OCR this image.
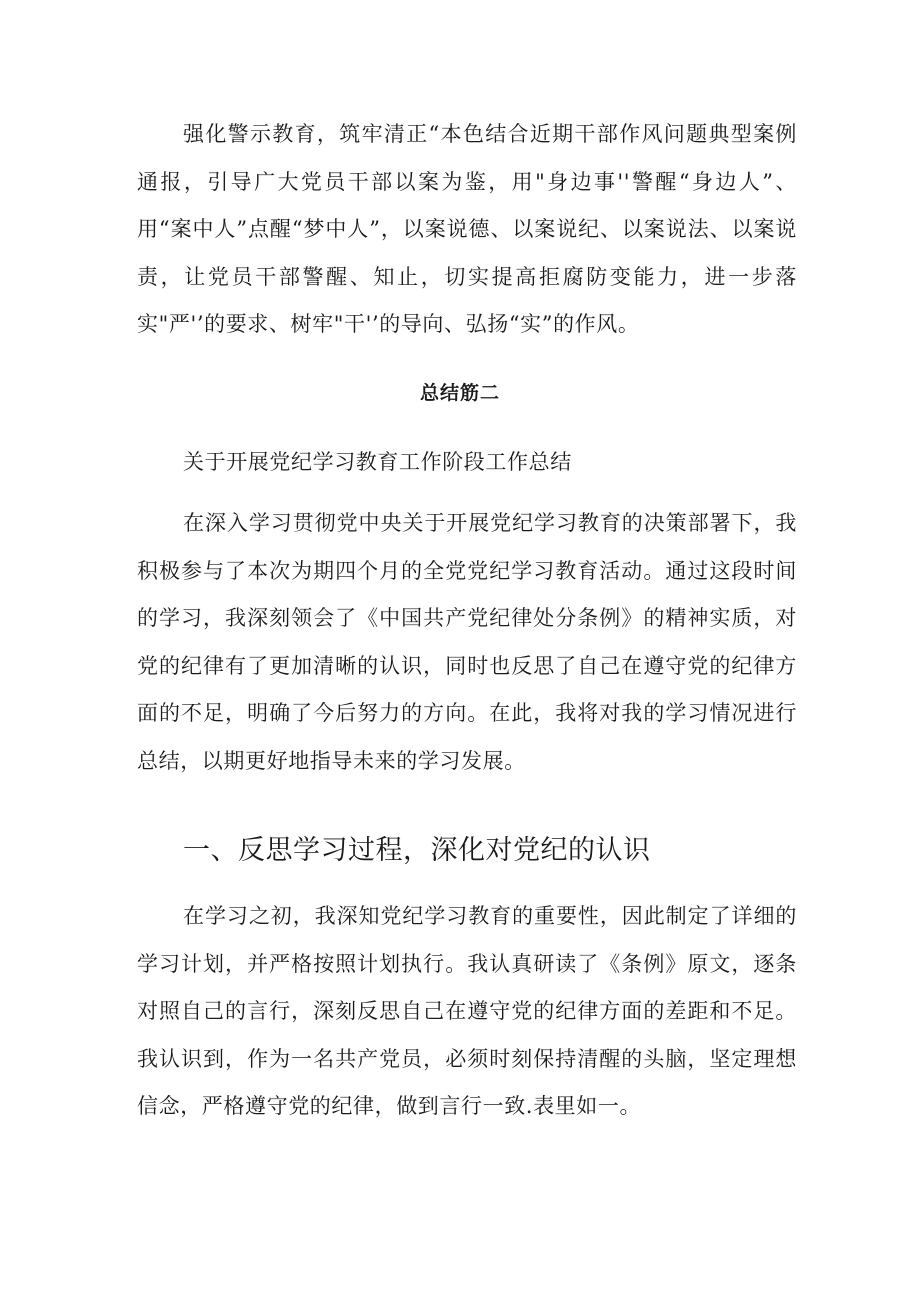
强化警示教育，筑牢清正“本色结合近期干部作风问题典型案例通报，引导广大党员干部以案为鉴，用"身边事''警醒“身边人”、用“案中人”点醒“梦中人”，以案说德、以案说纪、以案说法、以案说责，让党员干部警醒、知止，切实提高拒腐防变能力，进一步落实"严'’的要求、树牢"干'’的导向、弘扬“实”的作风。

总结筋二

关于开展党纪学习教育工作阶段工作总结

在深入学习贯彻党中央关于开展党纪学习教育的决策部署下，我积极参与了本次为期四个月的全党党纪学习教育活动。通过这段时间的学习，我深刻领会了《中国共产党纪律处分条例》的精神实质，对党的纪律有了更加清晰的认识，同时也反思了自己在遵守党的纪律方面的不足，明确了今后努力的方向。在此，我将对我的学习情况进行总结，以期更好地指导未来的学习发展。

一、反思学习过程，深化对党纪的认识

在学习之初，我深知党纪学习教育的重要性，因此制定了详细的学习计划，并严格按照计划执行。我认真研读了《条例》原文，逐条对照自己的言行，深刻反思自己在遵守党的纪律方面的差距和不足。我认识到，作为一名共产党员，必须时刻保持清醒的头脑，坚定理想信念，严格遵守党的纪律，做到言行一致.表里如一。
